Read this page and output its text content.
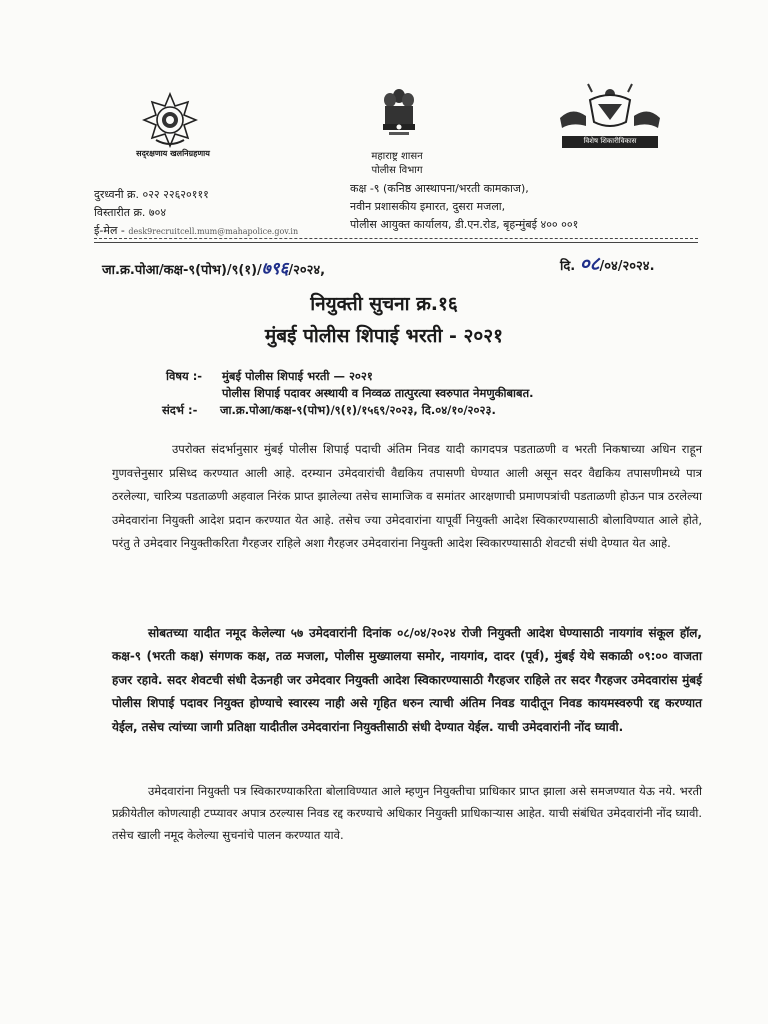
सद्‌रक्षणाय खलनिग्रहणाय	महाराष्ट्र शासन
पोलीस विभाग
विशेष शिकारीविकास
दुरध्वनी क्र. ०२२ २२६२०१११
विस्तारीत क्र. ७०४
ई-मेल - desk9recruitcell.mum@mahapolice.gov.in
कक्ष -९ (कनिष्ठ आस्थापना/भरती कामकाज),
नवीन प्रशासकीय इमारत, दुसरा मजला,
पोलीस आयुक्त कार्यालय, डी.एन.रोड, बृहन्मुंबई ४०० ००१
जा.क्र.पोआ/कक्ष-९(पोभ)/९(१)/७९६/२०२४,	दि. ०८/०४/२०२४.
नियुक्ती सुचना क्र.१६
मुंबई पोलीस शिपाई भरती - २०२१
विषय :-	मुंबई पोलीस शिपाई भरती — २०२१
पोलीस शिपाई पदावर अस्थायी व निव्वळ तात्पुरत्या स्वरुपात नेमणुकीबाबत.
संदर्भ :- जा.क्र.पोआ/कक्ष-९(पोभ)/९(१)/१५६९/२०२३, दि.०४/१०/२०२३.
उपरोक्त संदर्भानुसार मुंबई पोलीस शिपाई पदाची अंतिम निवड यादी कागदपत्र पडताळणी व भरती निकषाच्या अधिन राहून गुणवत्तेनुसार प्रसिध्द करण्यात आली आहे. दरम्यान उमेदवारांची वैद्यकिय तपासणी घेण्यात आली असून सदर वैद्यकिय तपासणीमध्ये पात्र ठरलेल्या, चारित्र्य पडताळणी अहवाल निरंक प्राप्त झालेल्या तसेच सामाजिक व समांतर आरक्षणाची प्रमाणपत्रांची पडताळणी होऊन पात्र ठरलेल्या उमेदवारांना नियुक्ती आदेश प्रदान करण्यात येत आहे. तसेच ज्या उमेदवारांना यापूर्वी नियुक्ती आदेश स्विकारण्यासाठी बोलाविण्यात आले होते, परंतु ते उमेदवार नियुक्तीकरिता गैरहजर राहिले अशा गैरहजर उमेदवारांना नियुक्ती आदेश स्विकारण्यासाठी शेवटची संधी देण्यात येत आहे.
सोबतच्या यादीत नमूद केलेल्या ५७ उमेदवारांनी दिनांक ०८/०४/२०२४ रोजी नियुक्ती आदेश घेण्यासाठी नायगांव संकूल हॉल, कक्ष-९ (भरती कक्ष) संगणक कक्ष, तळ मजला, पोलीस मुख्यालया समोर, नायगांव, दादर (पूर्व), मुंबई येथे सकाळी ०९:०० वाजता हजर रहावे. सदर शेवटची संधी देऊनही जर उमेदवार नियुक्ती आदेश स्विकारण्यासाठी गैरहजर राहिले तर सदर गैरहजर उमेदवारांस मुंबई पोलीस शिपाई पदावर नियुक्त होण्याचे स्वारस्य नाही असे गृहित धरुन त्याची अंतिम निवड यादीतून निवड कायमस्वरुपी रद्द करण्यात येईल, तसेच त्यांच्या जागी प्रतिक्षा यादीतील उमेदवारांना नियुक्तीसाठी संधी देण्यात येईल. याची उमेदवारांनी नोंद घ्यावी.
उमेदवारांना नियुक्ती पत्र स्विकारण्याकरिता बोलाविण्यात आले म्हणुन नियुक्तीचा प्राधिकार प्राप्त झाला असे समजण्यात येऊ नये. भरती प्रक्रीयेतील कोणत्याही टप्प्यावर अपात्र ठरल्यास निवड रद्द करण्याचे अधिकार नियुक्ती प्राधिकाऱ्यास आहेत. याची संबंधित उमेदवारांनी नोंद घ्यावी. तसेच खाली नमूद केलेल्या सुचनांचे पालन करण्यात यावे.
